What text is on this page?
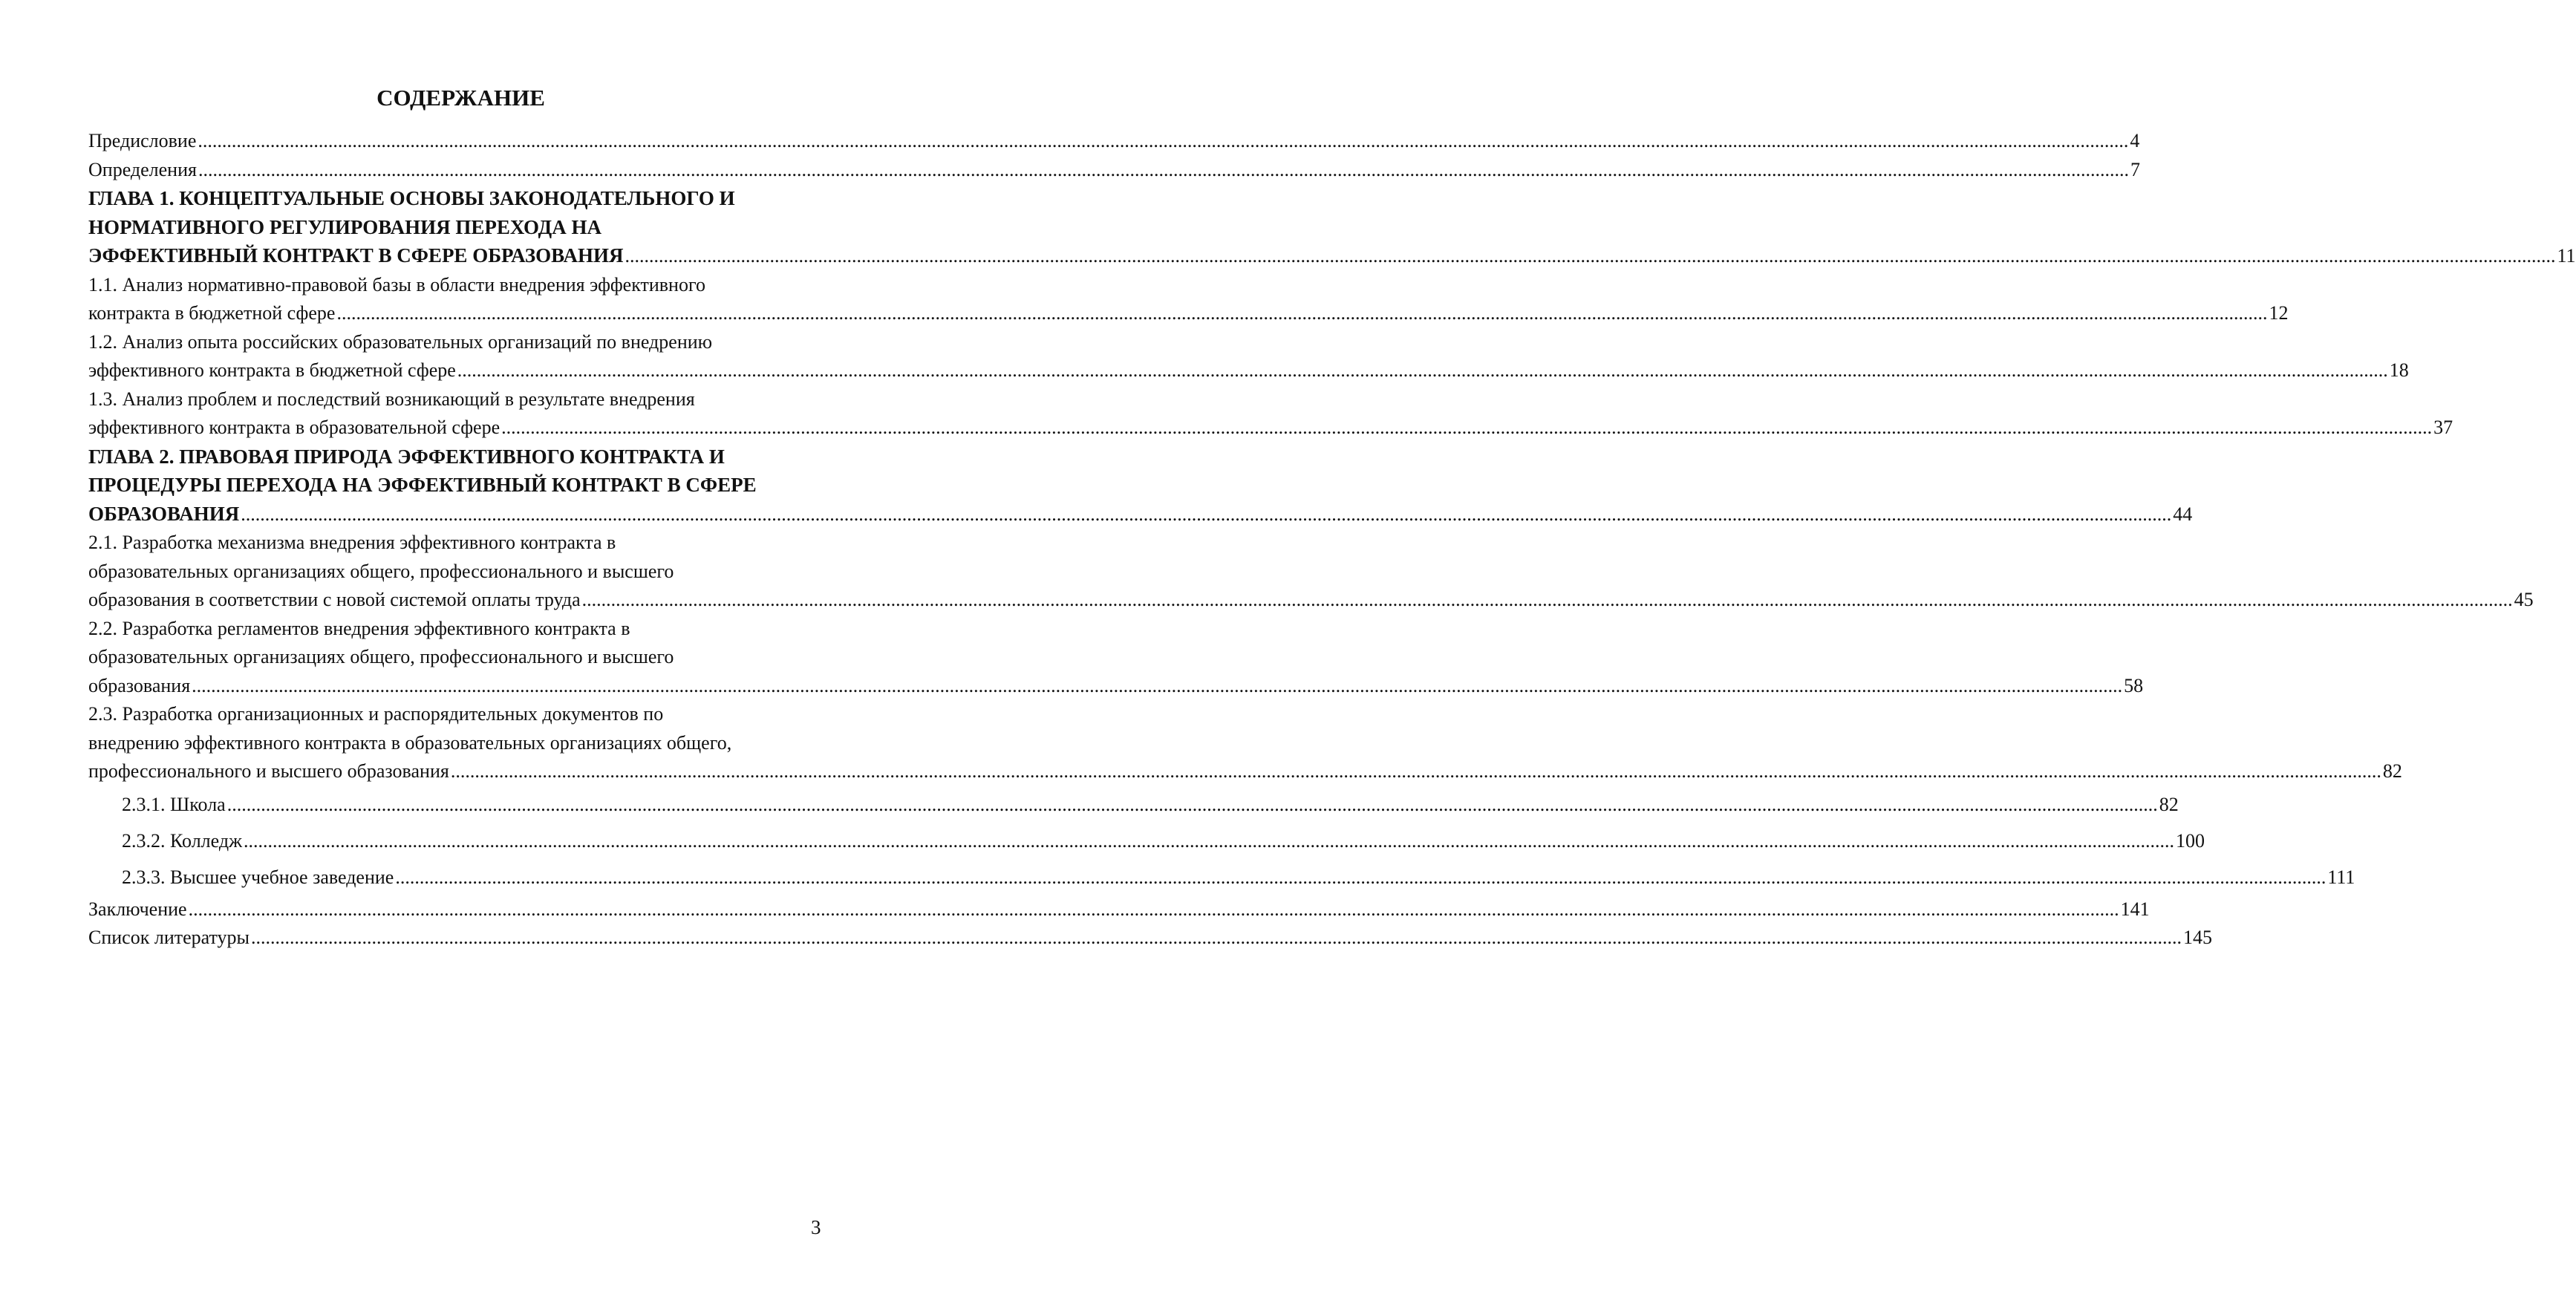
СОДЕРЖАНИЕ
Предисловие ................................................................................................................................................................................................................................................................................................................................................................................................................ 4
Определения ................................................................................................................................................................................................................................................................................................................................................................................................................ 7
ГЛАВА 1. КОНЦЕПТУАЛЬНЫЕ ОСНОВЫ ЗАКОНОДАТЕЛЬНОГО И
НОРМАТИВНОГО РЕГУЛИРОВАНИЯ ПЕРЕХОДА НА
ЭФФЕКТИВНЫЙ КОНТРАКТ В СФЕРЕ ОБРАЗОВАНИЯ ................................................................................................................................................................................................................................................................................................................................................................................................................ 11
1.1. Анализ нормативно-правовой базы в области внедрения эффективного
контракта в бюджетной сфере ................................................................................................................................................................................................................................................................................................................................................................................................................ 12
1.2. Анализ опыта российских образовательных организаций по внедрению
эффективного контракта в бюджетной сфере ................................................................................................................................................................................................................................................................................................................................................................................................................ 18
1.3. Анализ проблем и последствий возникающий в результате внедрения
эффективного контракта в образовательной сфере ................................................................................................................................................................................................................................................................................................................................................................................................................ 37
ГЛАВА 2. ПРАВОВАЯ ПРИРОДА ЭФФЕКТИВНОГО КОНТРАКТА И
ПРОЦЕДУРЫ ПЕРЕХОДА НА ЭФФЕКТИВНЫЙ КОНТРАКТ В СФЕРЕ
ОБРАЗОВАНИЯ ................................................................................................................................................................................................................................................................................................................................................................................................................ 44
2.1. Разработка механизма внедрения эффективного контракта в
образовательных организациях общего, профессионального и высшего
образования в соответствии с новой системой оплаты труда ................................................................................................................................................................................................................................................................................................................................................................................................................ 45
2.2. Разработка регламентов внедрения эффективного контракта в
образовательных организациях общего, профессионального и высшего
образования ................................................................................................................................................................................................................................................................................................................................................................................................................ 58
2.3. Разработка организационных и распорядительных документов по
внедрению эффективного контракта в образовательных организациях общего,
профессионального и высшего образования ................................................................................................................................................................................................................................................................................................................................................................................................................ 82
2.3.1. Школа ................................................................................................................................................................................................................................................................................................................................................................................................................ 82
2.3.2. Колледж ................................................................................................................................................................................................................................................................................................................................................................................................................ 100
2.3.3. Высшее учебное заведение ................................................................................................................................................................................................................................................................................................................................................................................................................ 111
Заключение ................................................................................................................................................................................................................................................................................................................................................................................................................ 141
Список литературы ................................................................................................................................................................................................................................................................................................................................................................................................................ 145
3
